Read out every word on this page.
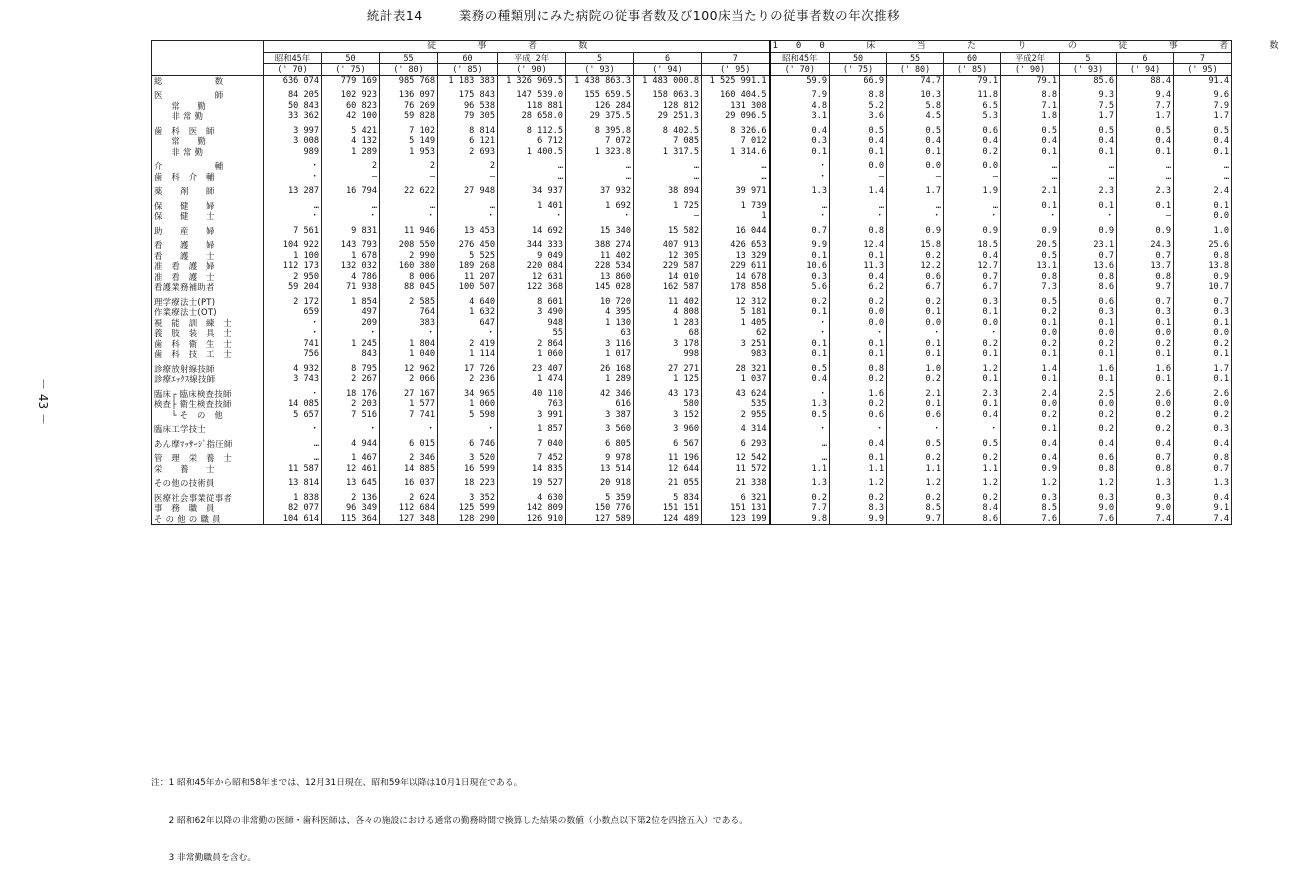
統計表14	業務の種類別にみた病院の従事者数及び100床当たりの従事者数の年次推移
－ 43 －
	従 事 者 数								100 床 当 た り の 従 事 者 数							
	昭和45年	50	55	60	平成 2年	5	6	7	昭和45年	50	55	60	平成2年	5	6	7
	(' 70)	(' 75)	(' 80)	(' 85)	(' 90)	(' 93)	(' 94)	(' 95)	(' 70)	(' 75)	(' 80)	(' 85)	(' 90)	(' 93)	(' 94)	(' 95)
総　　　　　　数	636 074	779 169	985 768	1 183 383	1 326 969.5	1 438 863.3	1 483 000.8	1 525 991.1	59.9	66.9	74.7	79.1	79.1	85.6	88.4	91.4
医　　　　　　師	84 205	102 923	136 097	175 843	147 539.0	155 659.5	158 063.3	160 404.5	7.9	8.8	10.3	11.8	8.8	9.3	9.4	9.6
　　常　　勤	50 843	60 823	76 269	96 538	118 881	126 284	128 812	131 308	4.8	5.2	5.8	6.5	7.1	7.5	7.7	7.9
　　非 常 勤	33 362	42 100	59 828	79 305	28 658.0	29 375.5	29 251.3	29 096.5	3.1	3.6	4.5	5.3	1.8	1.7	1.7	1.7
歯　科　医　師	3 997	5 421	7 102	8 814	8 112.5	8 395.8	8 402.5	8 326.6	0.4	0.5	0.5	0.6	0.5	0.5	0.5	0.5
　　常　　勤	3 008	4 132	5 149	6 121	6 712	7 072	7 085	7 012	0.3	0.4	0.4	0.4	0.4	0.4	0.4	0.4
　　非 常 勤	989	1 289	1 953	2 693	1 400.5	1 323.8	1 317.5	1 314.6	0.1	0.1	0.1	0.2	0.1	0.1	0.1	0.1
介　　　　　　輔	・	2	2	2	…	…	…	…	・	0.0	0.0	0.0	…	…	…	…
歯　科　介　輔	・	—	—	—	…	…	…	…	・	—	—	—	…	…	…	…
薬　　剤　　師	13 287	16 794	22 622	27 948	34 937	37 932	38 894	39 971	1.3	1.4	1.7	1.9	2.1	2.3	2.3	2.4
保　　健　　婦	…	…	…	…	1 401	1 692	1 725	1 739	…	…	…	…	0.1	0.1	0.1	0.1
保　　健　　士	・	・	・	・	・	・	—	1	・	・	・	・	・	・	—	0.0
助　　産　　婦	7 561	9 831	11 946	13 453	14 692	15 340	15 582	16 044	0.7	0.8	0.9	0.9	0.9	0.9	0.9	1.0
看　　護　　婦	104 922	143 793	208 550	276 450	344 333	388 274	407 913	426 653	9.9	12.4	15.8	18.5	20.5	23.1	24.3	25.6
看　　護　　士	1 100	1 678	2 990	5 525	9 049	11 402	12 305	13 329	0.1	0.1	0.2	0.4	0.5	0.7	0.7	0.8
准　看　護　婦	112 173	132 032	160 380	189 268	220 084	228 534	229 587	229 611	10.6	11.3	12.2	12.7	13.1	13.6	13.7	13.8
准　看　護　士	2 950	4 786	8 006	11 207	12 631	13 860	14 010	14 678	0.3	0.4	0.6	0.7	0.8	0.8	0.8	0.9
看護業務補助者	59 204	71 938	88 045	100 507	122 368	145 028	162 587	178 858	5.6	6.2	6.7	6.7	7.3	8.6	9.7	10.7
理学療法士(PT)	2 172	1 854	2 585	4 640	8 601	10 720	11 402	12 312	0.2	0.2	0.2	0.3	0.5	0.6	0.7	0.7
作業療法士(OT)	659	497	764	1 632	3 490	4 395	4 808	5 181	0.1	0.0	0.1	0.1	0.2	0.3	0.3	0.3
視　能　訓　練　士	・	209	383	647	948	1 130	1 283	1 405	・	0.0	0.0	0.0	0.1	0.1	0.1	0.1
義　肢　装　具　士	・	・	・	・	55	63	68	62	・	・	・	・	0.0	0.0	0.0	0.0
歯　科　衛　生　士	741	1 245	1 804	2 419	2 864	3 116	3 178	3 251	0.1	0.1	0.1	0.2	0.2	0.2	0.2	0.2
歯　科　技　工　士	756	843	1 040	1 114	1 060	1 017	998	983	0.1	0.1	0.1	0.1	0.1	0.1	0.1	0.1
診療放射線技師	4 932	8 795	12 962	17 726	23 407	26 168	27 271	28 321	0.5	0.8	1.0	1.2	1.4	1.6	1.6	1.7
診療ｴｯｸｽ線技師	3 743	2 267	2 066	2 236	1 474	1 289	1 125	1 037	0.4	0.2	0.2	0.1	0.1	0.1	0.1	0.1
臨床┌ 臨床検査技師	・	18 176	27 167	34 965	40 110	42 346	43 173	43 624	・	1.6	2.1	2.3	2.4	2.5	2.6	2.6
検査├ 衛生検査技師	14 085	2 203	1 577	1 060	763	616	580	535	1.3	0.2	0.1	0.1	0.0	0.0	0.0	0.0
　　└ そ　の　他	5 657	7 516	7 741	5 598	3 991	3 387	3 152	2 955	0.5	0.6	0.6	0.4	0.2	0.2	0.2	0.2
臨床工学技士	・	・	・	・	1 857	3 560	3 960	4 314	・	・	・	・	0.1	0.2	0.2	0.3
あん摩ﾏｯｻｰｼﾞ指圧師	…	4 944	6 015	6 746	7 040	6 805	6 567	6 293	…	0.4	0.5	0.5	0.4	0.4	0.4	0.4
管　理　栄　養　士	…	1 467	2 346	3 520	7 452	9 978	11 196	12 542	…	0.1	0.2	0.2	0.4	0.6	0.7	0.8
栄　　養　　士	11 587	12 461	14 885	16 599	14 835	13 514	12 644	11 572	1.1	1.1	1.1	1.1	0.9	0.8	0.8	0.7
その他の技術員	13 814	13 645	16 037	18 223	19 527	20 918	21 055	21 338	1.3	1.2	1.2	1.2	1.2	1.2	1.3	1.3
医療社会事業従事者	1 838	2 136	2 624	3 352	4 630	5 359	5 834	6 321	0.2	0.2	0.2	0.2	0.3	0.3	0.3	0.4
事　務　職　員	82 077	96 349	112 684	125 599	142 809	150 776	151 151	151 131	7.7	8.3	8.5	8.4	8.5	9.0	9.0	9.1
そ の 他 の 職 員	104 614	115 364	127 348	128 290	126 910	127 589	124 489	123 199	9.8	9.9	9.7	8.6	7.6	7.6	7.4	7.4

注：1 昭和45年から昭和58年までは、12月31日現在、昭和59年以降は10月1日現在である。

　　2 昭和62年以降の非常勤の医師・歯科医師は、各々の施設における通常の勤務時間で換算した結果の数値（小数点以下第2位を四捨五入）である。

　　3 非常勤職員を含む。
